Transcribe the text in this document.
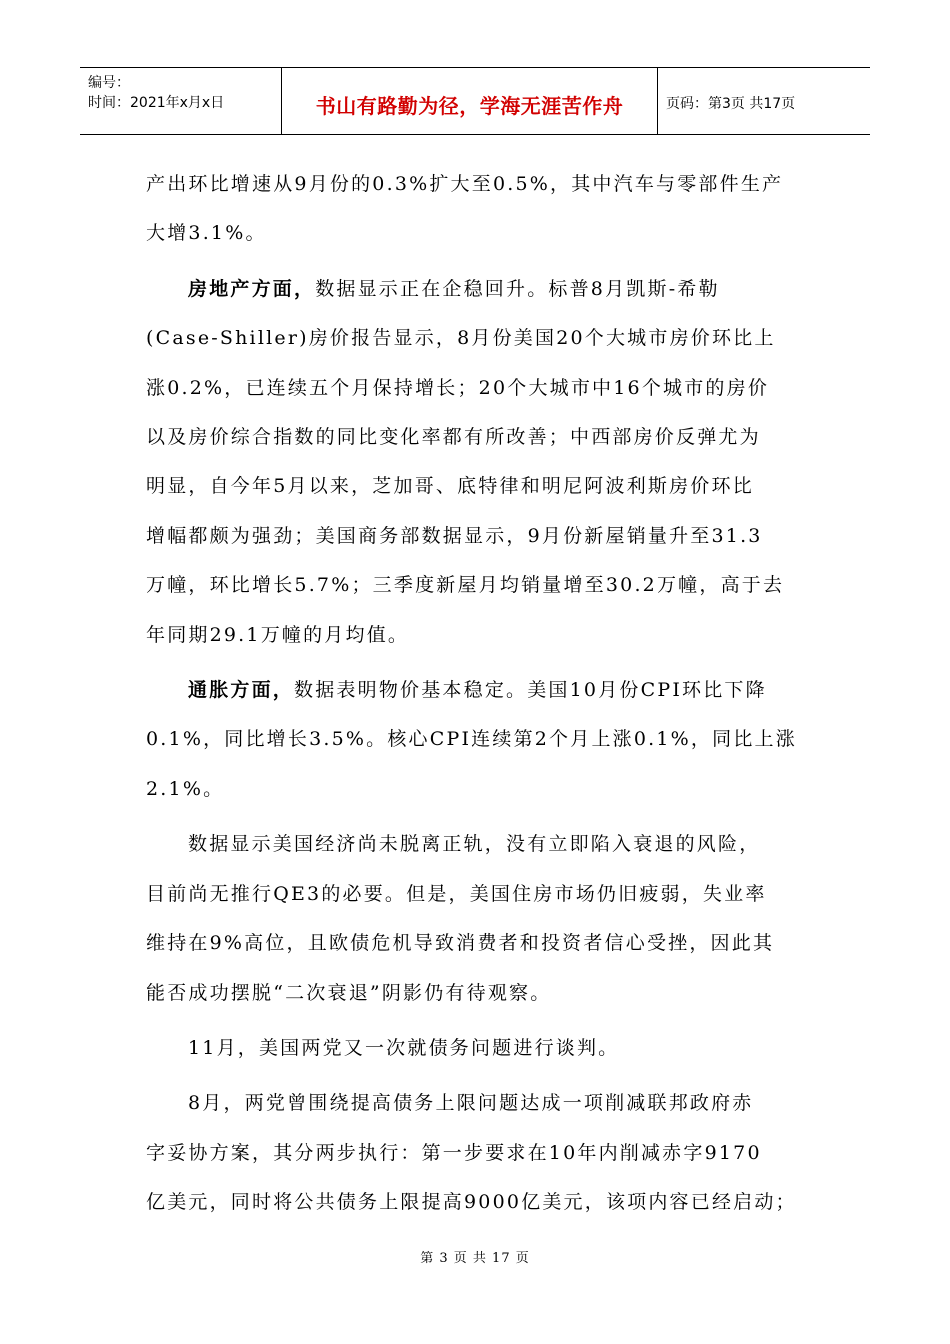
编号：
时间：2021年x月x日	书山有路勤为径，学海无涯苦作舟	页码：第3页 共17页
产出环比增速从9月份的0.3%扩大至0.5%，其中汽车与零部件生产
大增3.1%。
房地产方面，数据显示正在企稳回升。标普8月凯斯-希勒
(Case-Shiller)房价报告显示，8月份美国20个大城市房价环比上
涨0.2%，已连续五个月保持增长；20个大城市中16个城市的房价
以及房价综合指数的同比变化率都有所改善；中西部房价反弹尤为
明显，自今年5月以来，芝加哥、底特律和明尼阿波利斯房价环比
增幅都颇为强劲；美国商务部数据显示，9月份新屋销量升至31.3
万幢，环比增长5.7%；三季度新屋月均销量增至30.2万幢，高于去
年同期29.1万幢的月均值。
通胀方面，数据表明物价基本稳定。美国10月份CPI环比下降
0.1%，同比增长3.5%。核心CPI连续第2个月上涨0.1%，同比上涨
2.1%。
数据显示美国经济尚未脱离正轨，没有立即陷入衰退的风险，
目前尚无推行QE3的必要。但是，美国住房市场仍旧疲弱，失业率
维持在9%高位，且欧债危机导致消费者和投资者信心受挫，因此其
能否成功摆脱“二次衰退”阴影仍有待观察。
11月，美国两党又一次就债务问题进行谈判。
8月，两党曾围绕提高债务上限问题达成一项削减联邦政府赤
字妥协方案，其分两步执行：第一步要求在10年内削减赤字9170
亿美元，同时将公共债务上限提高9000亿美元，该项内容已经启动；
第 3 页 共 17 页
